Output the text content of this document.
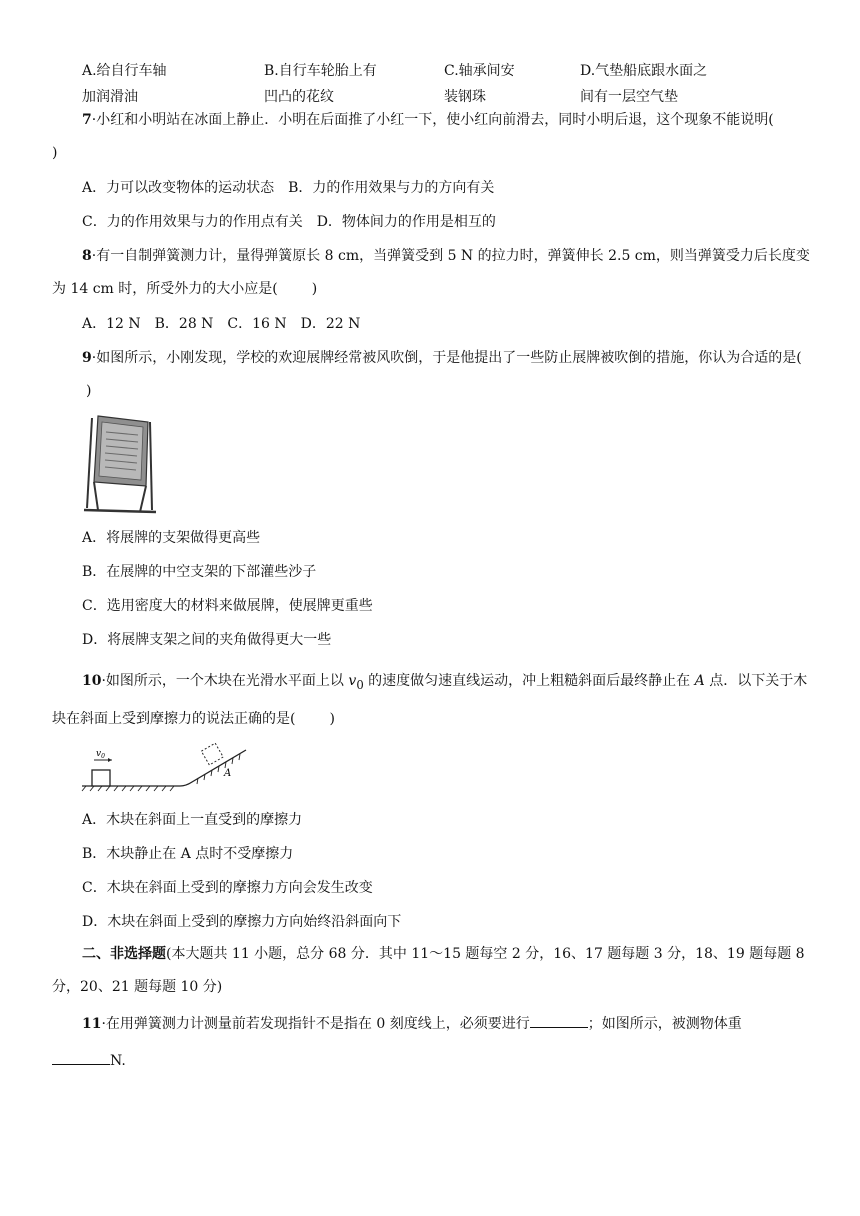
A.给自行车轴
加润滑油
B.自行车轮胎上有
凹凸的花纹
C.轴承间安
装钢珠
D.气垫船底跟水面之
间有一层空气垫
7·小红和小明站在冰面上静止．小明在后面推了小红一下，使小红向前滑去，同时小明后退，这个现象不能说明()
A．力可以改变物体的运动状态　B．力的作用效果与力的方向有关
C．力的作用效果与力的作用点有关　D．物体间力的作用是相互的
8·有一自制弹簧测力计，量得弹簧原长 8 cm，当弹簧受到 5 N 的拉力时，弹簧伸长 2.5 cm，则当弹簧受力后长度变为 14 cm 时，所受外力的大小应是( )
A．12 N　B．28 N　C．16 N　D．22 N
9·如图所示，小刚发现，学校的欢迎展牌经常被风吹倒，于是他提出了一些防止展牌被吹倒的措施，你认为合适的是()
A．将展牌的支架做得更高些
B．在展牌的中空支架的下部灌些沙子
C．选用密度大的材料来做展牌，使展牌更重些
D．将展牌支架之间的夹角做得更大一些
10·如图所示，一个木块在光滑水平面上以 $v_0$ 的速度做匀速直线运动，冲上粗糙斜面后最终静止在 A 点．以下关于木块在斜面上受到摩擦力的说法正确的是( )
$v_0$
A
A．木块在斜面上一直受到的摩擦力
B．木块静止在 A 点时不受摩擦力
C．木块在斜面上受到的摩擦力方向会发生改变
D．木块在斜面上受到的摩擦力方向始终沿斜面向下
二、非选择题(本大题共 11 小题，总分 68 分．其中 11～15 题每空 2 分，16、17 题每题 3 分，18、19 题每题 8 分，20、21 题每题 10 分)
11·在用弹簧测力计测量前若发现指针不是指在 0 刻度线上，必须要进行	；如图所示，被测物体重
N.
